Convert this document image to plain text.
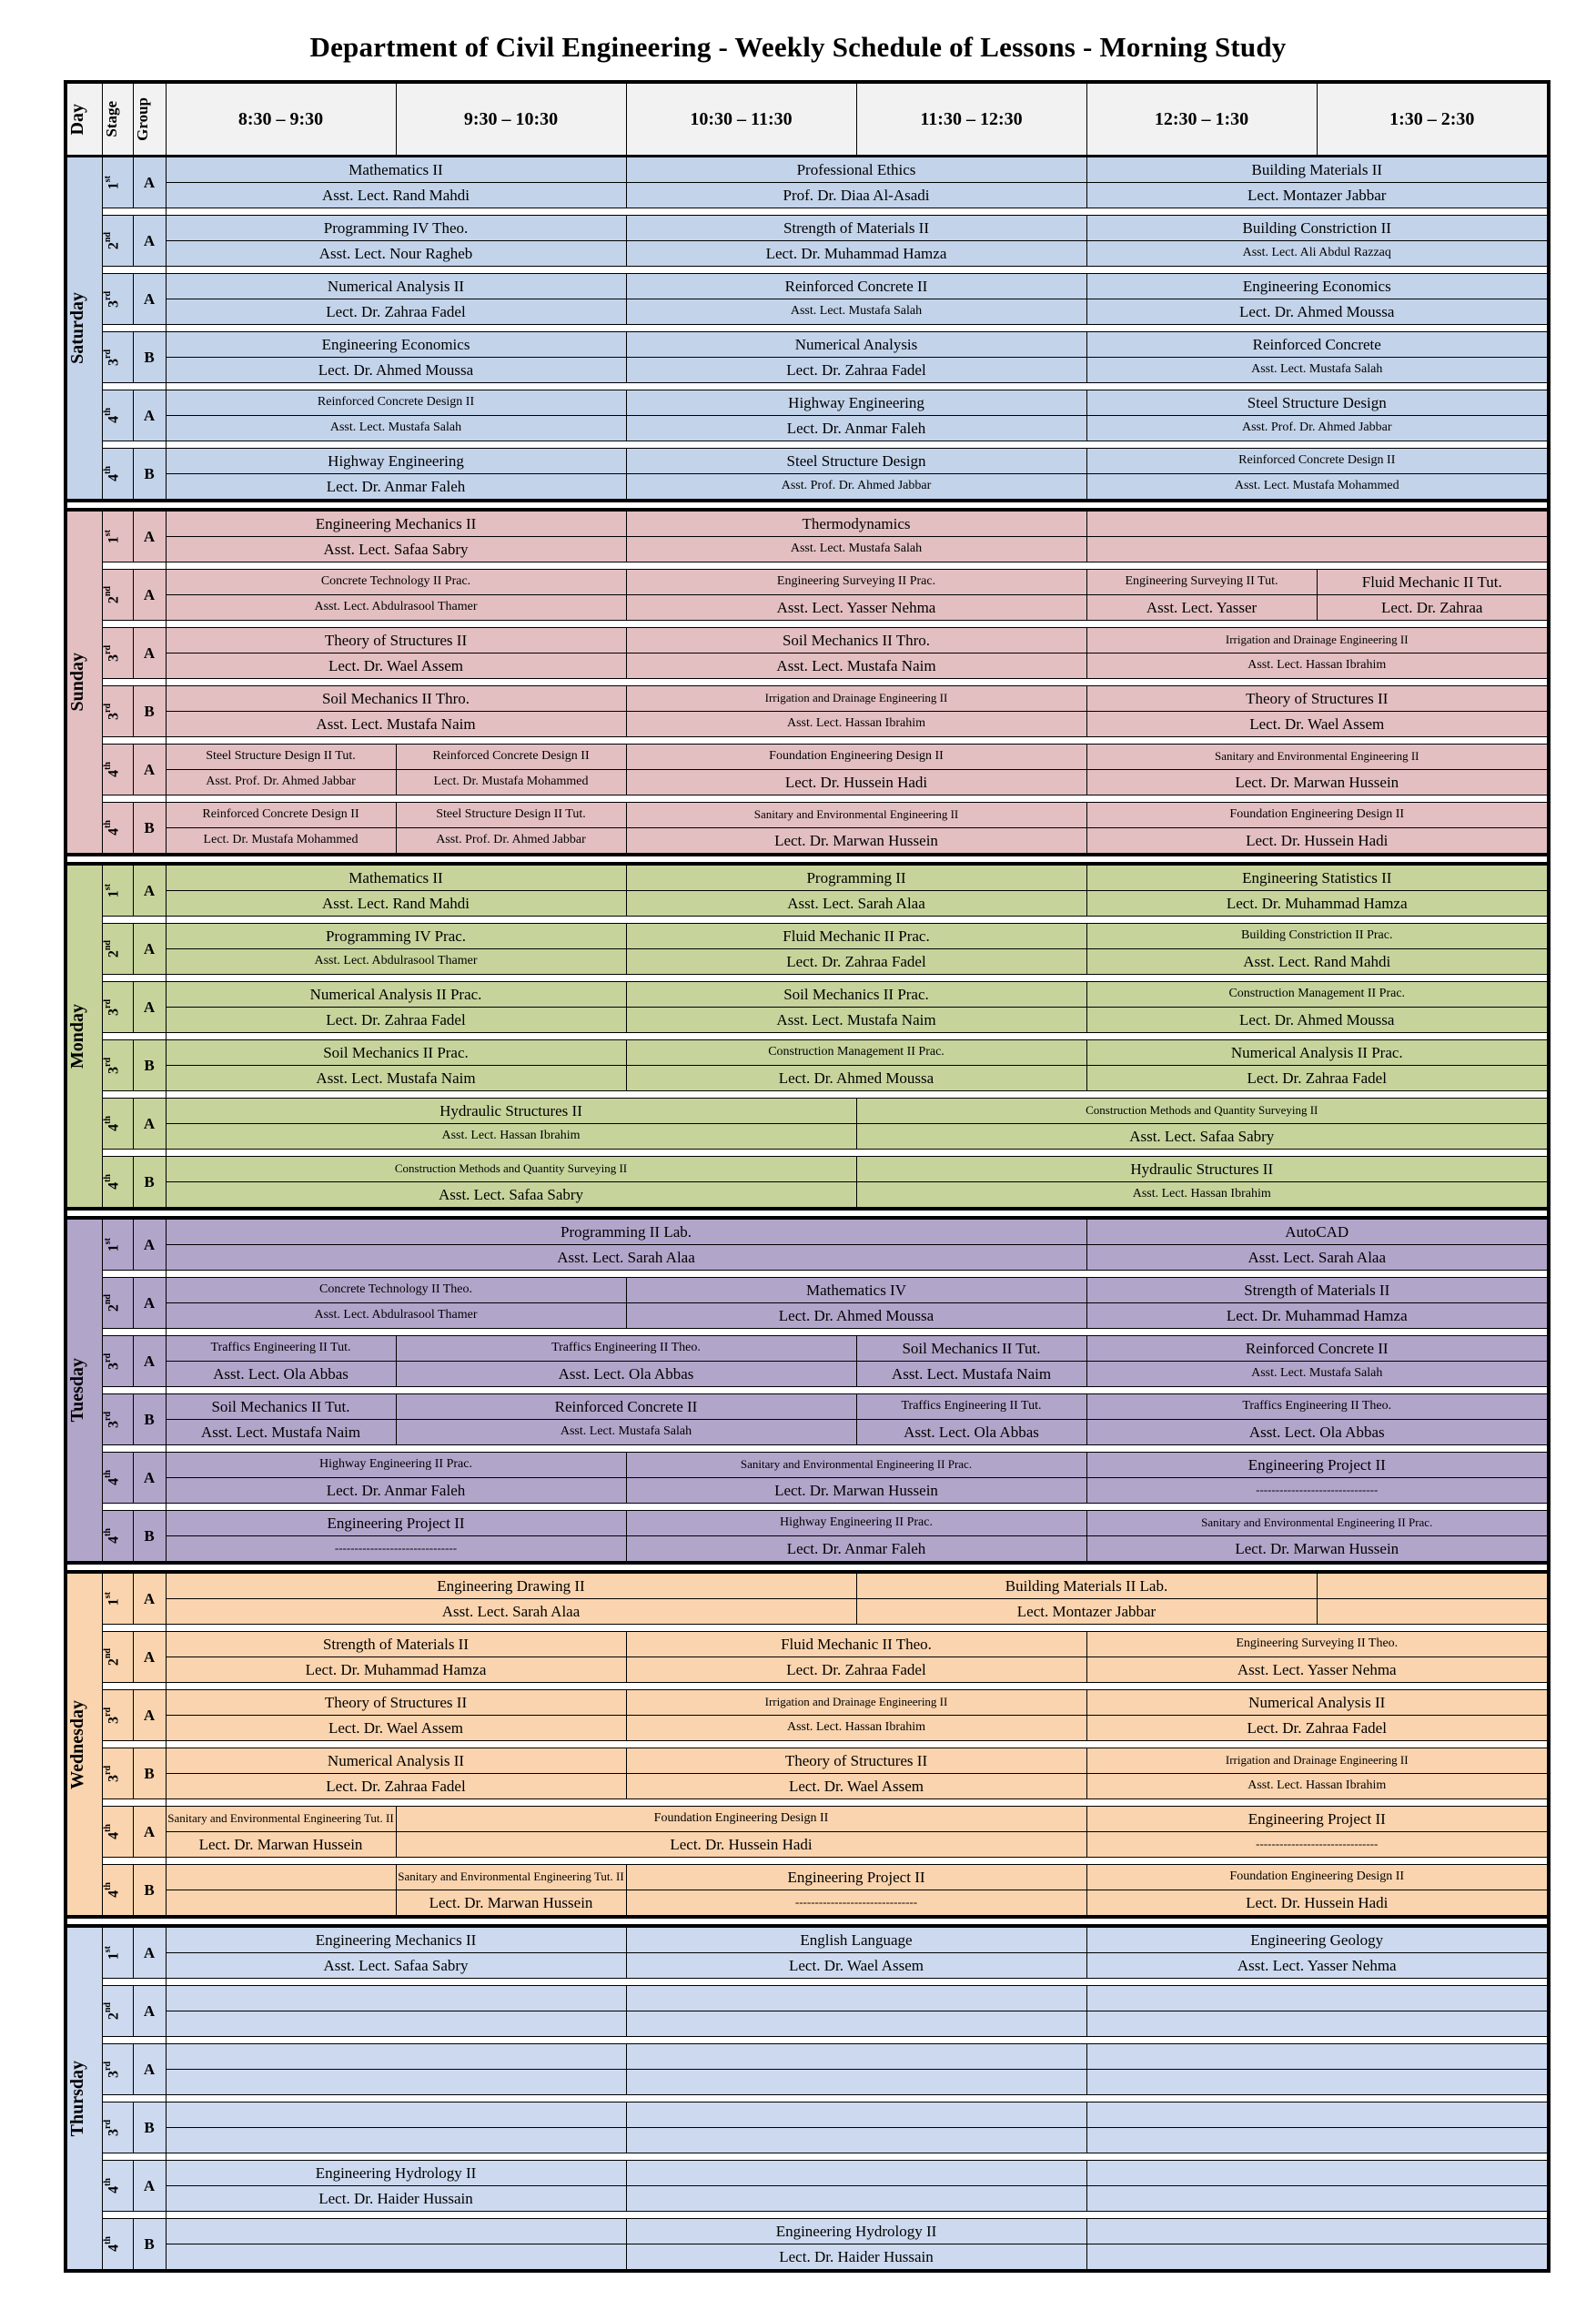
Department of Civil Engineering - Weekly Schedule of Lessons - Morning Study
Day	Stage	Group	8:30 – 9:30	9:30 – 10:30	10:30 – 11:30	11:30 – 12:30	12:30 – 1:30	1:30 – 2:30

Saturday	1st	A	Mathematics II		Professional Ethics		Building Materials II	
			Asst. Lect. Rand Mahdi		Prof. Dr. Diaa Al-Asadi		Lect. Montazer Jabbar	

	2nd	A	Programming IV Theo.		Strength of Materials II		Building Constriction II	
			Asst. Lect. Nour Ragheb		Lect. Dr. Muhammad Hamza		Asst. Lect. Ali Abdul Razzaq	

	3rd	A	Numerical Analysis II		Reinforced Concrete II		Engineering Economics	
			Lect. Dr. Zahraa Fadel		Asst. Lect. Mustafa Salah		Lect. Dr. Ahmed Moussa	

	3rd	B	Engineering Economics		Numerical Analysis		Reinforced Concrete	
			Lect. Dr. Ahmed Moussa		Lect. Dr. Zahraa Fadel		Asst. Lect. Mustafa Salah	

	4th	A	Reinforced Concrete Design II		Highway Engineering		Steel Structure Design	
			Asst. Lect. Mustafa Salah		Lect. Dr. Anmar Faleh		Asst. Prof. Dr. Ahmed Jabbar	

	4th	B	Highway Engineering		Steel Structure Design		Reinforced Concrete Design II	
			Lect. Dr. Anmar Faleh		Asst. Prof. Dr. Ahmed Jabbar		Asst. Lect. Mustafa Mohammed	

Sunday	1st	A	Engineering Mechanics II		Thermodynamics			
			Asst. Lect. Safaa Sabry		Asst. Lect. Mustafa Salah			

	2nd	A	Concrete Technology II Prac.		Engineering Surveying II Prac.		Engineering Surveying II Tut.	Fluid Mechanic II Tut.
			Asst. Lect. Abdulrasool Thamer		Asst. Lect. Yasser Nehma		Asst. Lect. Yasser	Lect. Dr. Zahraa

	3rd	A	Theory of Structures II		Soil Mechanics II Thro.		Irrigation and Drainage Engineering II	
			Lect. Dr. Wael Assem		Asst. Lect. Mustafa Naim		Asst. Lect. Hassan Ibrahim	

	3rd	B	Soil Mechanics II Thro.		Irrigation and Drainage Engineering II		Theory of Structures II	
			Asst. Lect. Mustafa Naim		Asst. Lect. Hassan Ibrahim		Lect. Dr. Wael Assem	

	4th	A	Steel Structure Design II Tut.	Reinforced Concrete Design II	Foundation Engineering Design II		Sanitary and Environmental Engineering II	
			Asst. Prof. Dr. Ahmed Jabbar	Lect. Dr. Mustafa Mohammed	Lect. Dr. Hussein Hadi		Lect. Dr. Marwan Hussein	

	4th	B	Reinforced Concrete Design II	Steel Structure Design II Tut.	Sanitary and Environmental Engineering II		Foundation Engineering Design II	
			Lect. Dr. Mustafa Mohammed	Asst. Prof. Dr. Ahmed Jabbar	Lect. Dr. Marwan Hussein		Lect. Dr. Hussein Hadi	

Monday	1st	A	Mathematics II		Programming II		Engineering Statistics II	
			Asst. Lect. Rand Mahdi		Asst. Lect. Sarah Alaa		Lect. Dr. Muhammad Hamza	

	2nd	A	Programming IV Prac.		Fluid Mechanic II Prac.		Building Constriction II Prac.	
			Asst. Lect. Abdulrasool Thamer		Lect. Dr. Zahraa Fadel		Asst. Lect. Rand Mahdi	

	3rd	A	Numerical Analysis II Prac.		Soil Mechanics II Prac.		Construction Management II Prac.	
			Lect. Dr. Zahraa Fadel		Asst. Lect. Mustafa Naim		Lect. Dr. Ahmed Moussa	

	3rd	B	Soil Mechanics II Prac.		Construction Management II Prac.		Numerical Analysis II Prac.	
			Asst. Lect. Mustafa Naim		Lect. Dr. Ahmed Moussa		Lect. Dr. Zahraa Fadel	

	4th	A	Hydraulic Structures II			Construction Methods and Quantity Surveying II		
			Asst. Lect. Hassan Ibrahim			Asst. Lect. Safaa Sabry		

	4th	B	Construction Methods and Quantity Surveying II			Hydraulic Structures II		
			Asst. Lect. Safaa Sabry			Asst. Lect. Hassan Ibrahim		

Tuesday	1st	A	Programming II Lab.				AutoCAD	
			Asst. Lect. Sarah Alaa				Asst. Lect. Sarah Alaa	

	2nd	A	Concrete Technology II Theo.		Mathematics IV		Strength of Materials II	
			Asst. Lect. Abdulrasool Thamer		Lect. Dr. Ahmed Moussa		Lect. Dr. Muhammad Hamza	

	3rd	A	Traffics Engineering II Tut.	Traffics Engineering II Theo.		Soil Mechanics II Tut.	Reinforced Concrete II	
			Asst. Lect. Ola Abbas	Asst. Lect. Ola Abbas		Asst. Lect. Mustafa Naim	Asst. Lect. Mustafa Salah	

	3rd	B	Soil Mechanics II Tut.	Reinforced Concrete II		Traffics Engineering II Tut.	Traffics Engineering II Theo.	
			Asst. Lect. Mustafa Naim	Asst. Lect. Mustafa Salah		Asst. Lect. Ola Abbas	Asst. Lect. Ola Abbas	

	4th	A	Highway Engineering II Prac.		Sanitary and Environmental Engineering II Prac.		Engineering Project II	
			Lect. Dr. Anmar Faleh		Lect. Dr. Marwan Hussein		-------------------------------	

	4th	B	Engineering Project II		Highway Engineering II Prac.		Sanitary and Environmental Engineering II Prac.	
			-------------------------------		Lect. Dr. Anmar Faleh		Lect. Dr. Marwan Hussein	

Wednesday	1st	A	Engineering Drawing II			Building Materials II Lab.		
			Asst. Lect. Sarah Alaa			Lect. Montazer Jabbar		

	2nd	A	Strength of Materials II		Fluid Mechanic II Theo.		Engineering Surveying II Theo.	
			Lect. Dr. Muhammad Hamza		Lect. Dr. Zahraa Fadel		Asst. Lect. Yasser Nehma	

	3rd	A	Theory of Structures II		Irrigation and Drainage Engineering II		Numerical Analysis II	
			Lect. Dr. Wael Assem		Asst. Lect. Hassan Ibrahim		Lect. Dr. Zahraa Fadel	

	3rd	B	Numerical Analysis II		Theory of Structures II		Irrigation and Drainage Engineering II	
			Lect. Dr. Zahraa Fadel		Lect. Dr. Wael Assem		Asst. Lect. Hassan Ibrahim	

	4th	A	Sanitary and Environmental Engineering Tut. II	Foundation Engineering Design II			Engineering Project II	
			Lect. Dr. Marwan Hussein	Lect. Dr. Hussein Hadi			-------------------------------	

	4th	B		Sanitary and Environmental Engineering Tut. II	Engineering Project II		Foundation Engineering Design II	
				Lect. Dr. Marwan Hussein	-------------------------------		Lect. Dr. Hussein Hadi	

Thursday	1st	A	Engineering Mechanics II		English Language		Engineering Geology	
			Asst. Lect. Safaa Sabry		Lect. Dr. Wael Assem		Asst. Lect. Yasser Nehma	

	2nd	A						

	3rd	A						

	3rd	B						

	4th	A	Engineering Hydrology II					
			Lect. Dr. Haider Hussain					

	4th	B			Engineering Hydrology II			
					Lect. Dr. Haider Hussain			
